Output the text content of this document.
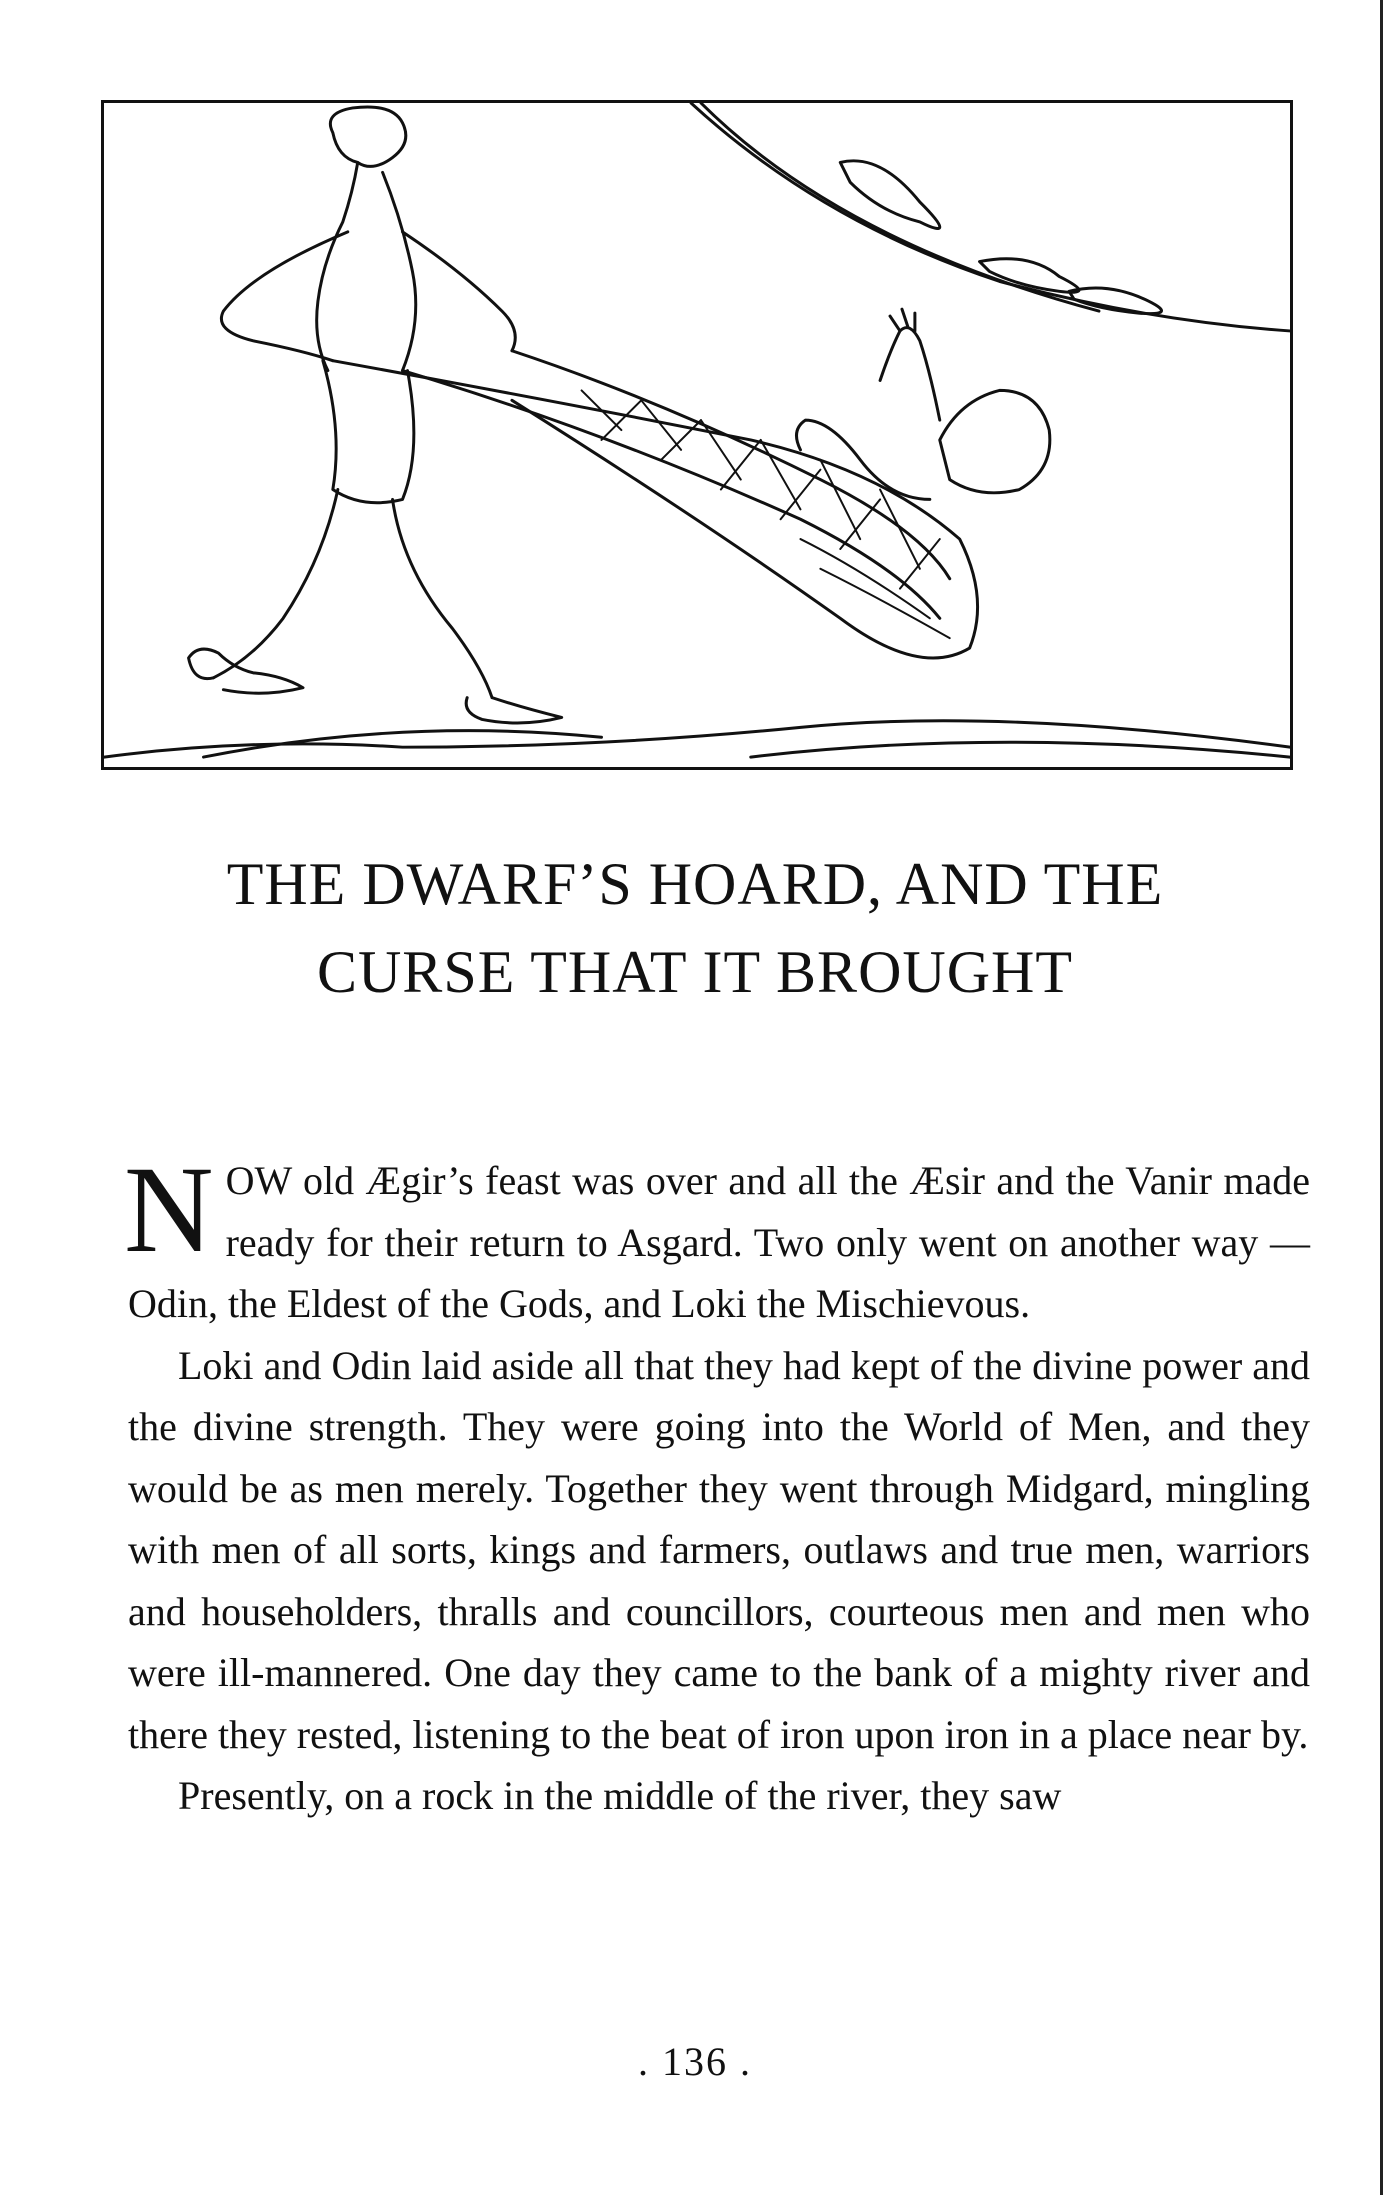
THE DWARF’S HOARD, AND THE
CURSE THAT IT BROUGHT

NOW old Ægir’s feast was over and all the Æsir and the Vanir made ready for their return to Asgard. Two only went on another way — Odin, the Eldest of the Gods, and Loki the Mischievous.

Loki and Odin laid aside all that they had kept of the divine power and the divine strength. They were going into the World of Men, and they would be as men merely. Together they went through Midgard, mingling with men of all sorts, kings and farmers, outlaws and true men, warriors and householders, thralls and councillors, courteous men and men who were ill-mannered. One day they came to the bank of a mighty river and there they rested, listening to the beat of iron upon iron in a place near by.

Presently, on a rock in the middle of the river, they saw

. 136 .
